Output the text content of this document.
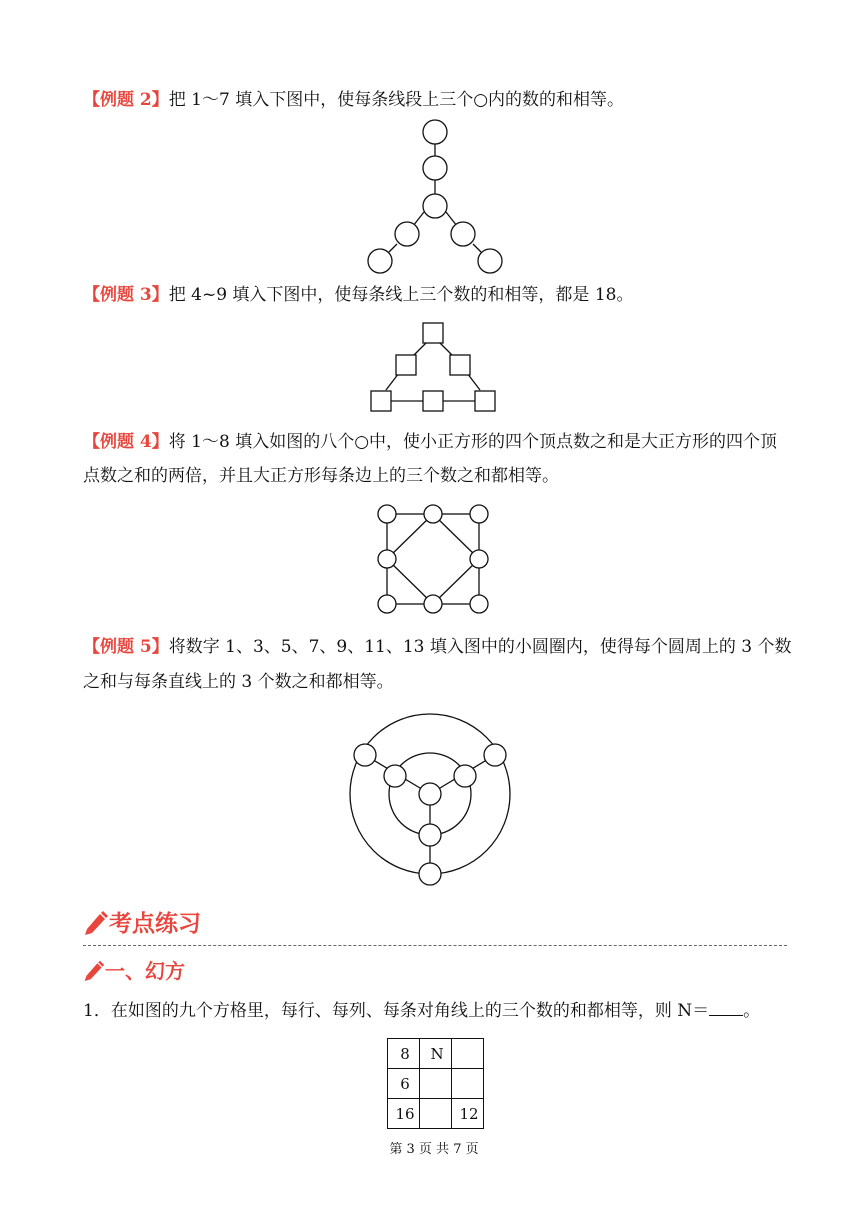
【例题 2】把 1～7 填入下图中，使每条线段上三个○内的数的和相等。
【例题 3】把 4~9 填入下图中，使每条线上三个数的和相等，都是 18。
【例题 4】将 1～8 填入如图的八个○中，使小正方形的四个顶点数之和是大正方形的四个顶
点数之和的两倍，并且大正方形每条边上的三个数之和都相等。
【例题 5】将数字 1、3、5、7、9、11、13 填入图中的小圆圈内，使得每个圆周上的 3 个数
之和与每条直线上的 3 个数之和都相等。
考点练习
一、幻方
1．在如图的九个方格里，每行、每列、每条对角线上的三个数的和都相等，则 N＝ 。
8	N	
6		
16		12
第 3 页 共 7 页
